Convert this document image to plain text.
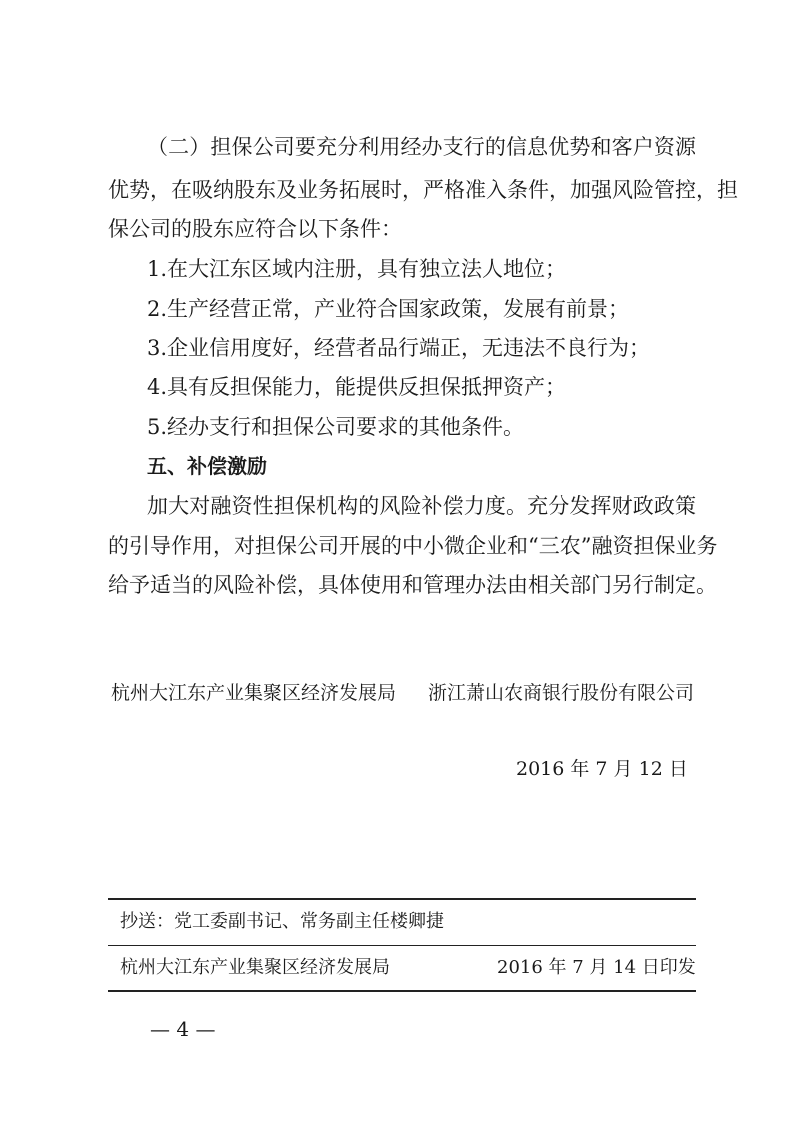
（二）担保公司要充分利用经办支行的信息优势和客户资源
优势，在吸纳股东及业务拓展时，严格准入条件，加强风险管控，担
保公司的股东应符合以下条件：
1.在大江东区域内注册，具有独立法人地位；
2.生产经营正常，产业符合国家政策，发展有前景；
3.企业信用度好，经营者品行端正，无违法不良行为；
4.具有反担保能力，能提供反担保抵押资产；
5.经办支行和担保公司要求的其他条件。
五、补偿激励
加大对融资性担保机构的风险补偿力度。充分发挥财政政策
的引导作用，对担保公司开展的中小微企业和“三农”融资担保业务
给予适当的风险补偿，具体使用和管理办法由相关部门另行制定。
杭州大江东产业集聚区经济发展局 浙江萧山农商银行股份有限公司
2016 年 7 月 12 日
抄送：党工委副书记、常务副主任楼卿捷
杭州大江东产业集聚区经济发展局	2016 年 7 月 14 日印发
— 4 —
